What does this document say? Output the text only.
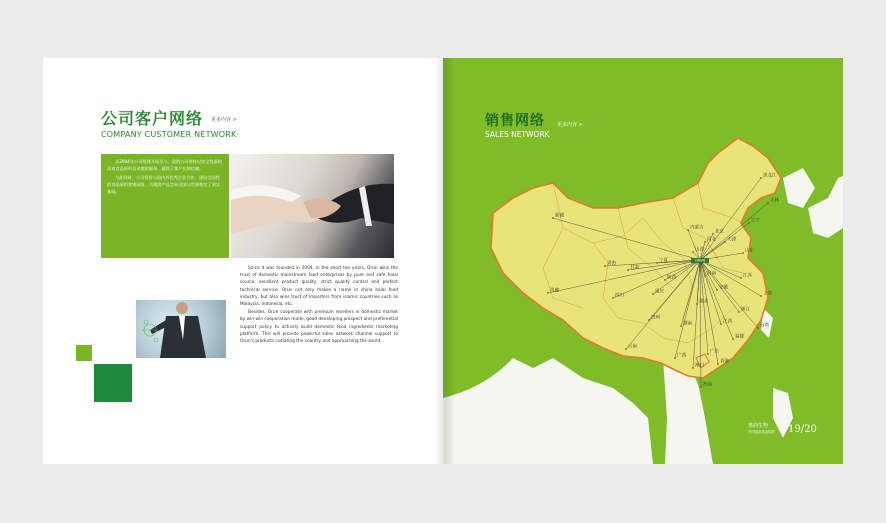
公司客户网络 更多内容 >
COMPANY CUSTOMER NETWORK

从2004年公司组建开始至今，奥润公司坚持以安全优质的清真食品原料及卓越的服务，赢得了客户长期信赖。

与此同时，公司坚持与国内外优秀企业合作，建设全国性的食品原料营销网络，为奥润产品走向全国与世界奠定了坚实基础。

Since it was founded in 2004, in the short ten years, Orun wins the trust of domestic mainstream food enterprises by pure and safe halal source, excellent product quality, strict quality control and perfect technical service. Orun not only makes a name in china halal food industry, but also wins trust of importers from islamic countries such as Malaysia, Indonesia, etc.

Besides, Orun cooperate with premium resellers in domestic market by win-win cooperation mode, good developing prospect and preferential support policy to actively build domestic food ingredients marketing platform. This will provide powerful sales network channel support to Orun's products radiating the country and approaching the world.

黑龙江
吉林
辽宁
内蒙古
北京
天津
河北
山西	山东
宁夏
新疆
青海
甘肃
陕西
河南
西藏
四川
重庆
湖北
安徽
江苏
上海
浙江
湖南	江西
福建
贵州
云南
广西
广东
香港
澳门
台湾
海南
ORUN
销售网络 更多内容 >
SALES NETWORK
奥润生物
中国清真食品原料 19/20
